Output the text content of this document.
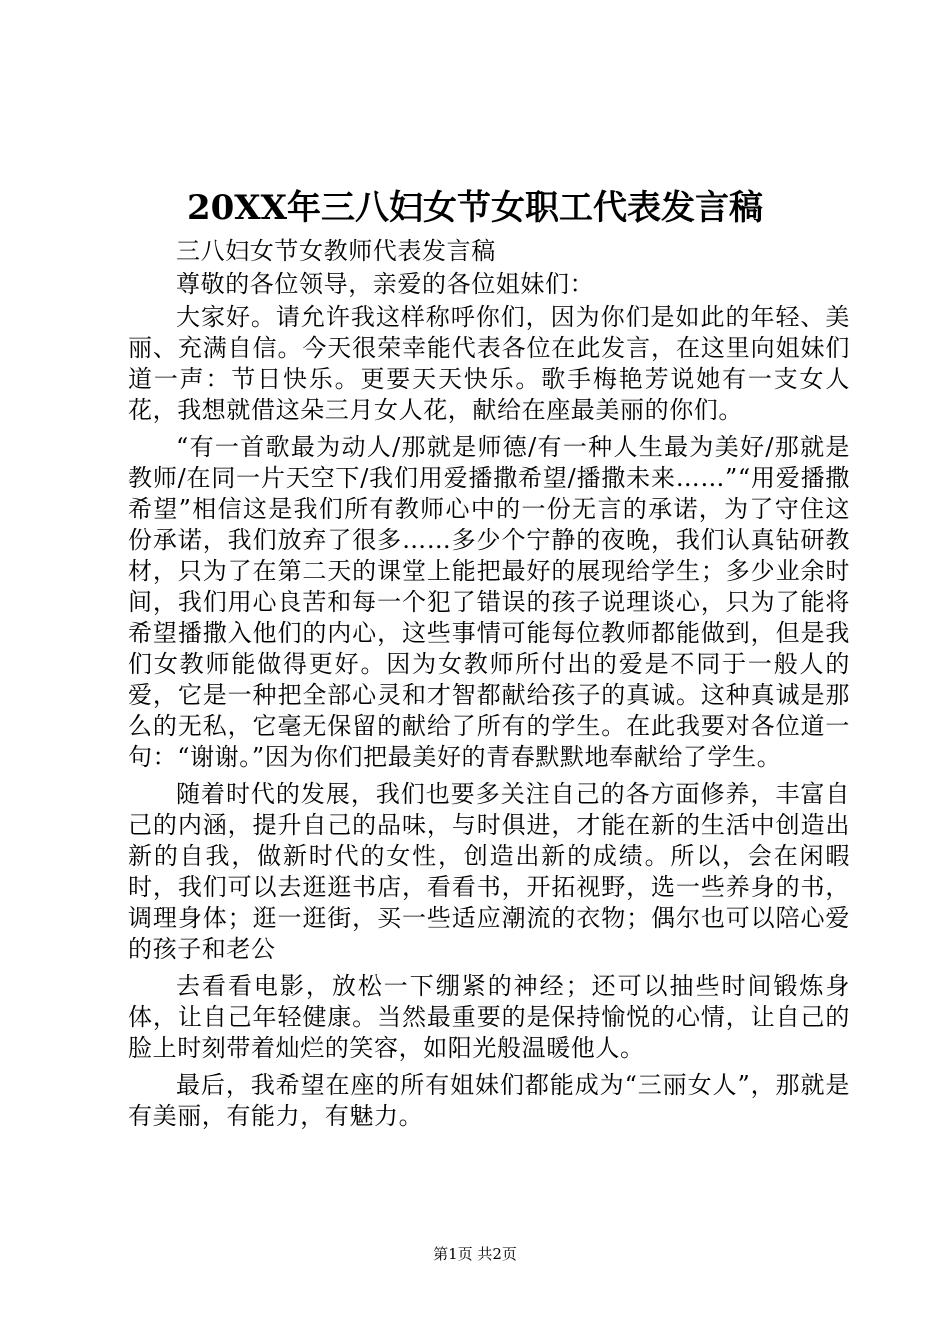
20XX年三八妇女节女职工代表发言稿

三八妇女节女教师代表发言稿

尊敬的各位领导，亲爱的各位姐妹们：

大家好。请允许我这样称呼你们，因为你们是如此的年轻、美丽、充满自信。今天很荣幸能代表各位在此发言，在这里向姐妹们道一声：节日快乐。更要天天快乐。歌手梅艳芳说她有一支女人花，我想就借这朵三月女人花，献给在座最美丽的你们。

“有一首歌最为动人/那就是师德/有一种人生最为美好/那就是教师/在同一片天空下/我们用爱播撒希望/播撒未来……”“用爱播撒希望”相信这是我们所有教师心中的一份无言的承诺，为了守住这份承诺，我们放弃了很多……多少个宁静的夜晚，我们认真钻研教材，只为了在第二天的课堂上能把最好的展现给学生；多少业余时间，我们用心良苦和每一个犯了错误的孩子说理谈心，只为了能将希望播撒入他们的内心，这些事情可能每位教师都能做到，但是我们女教师能做得更好。因为女教师所付出的爱是不同于一般人的爱，它是一种把全部心灵和才智都献给孩子的真诚。这种真诚是那么的无私，它毫无保留的献给了所有的学生。在此我要对各位道一句：“谢谢。”因为你们把最美好的青春默默地奉献给了学生。

随着时代的发展，我们也要多关注自己的各方面修养，丰富自己的内涵，提升自己的品味，与时俱进，才能在新的生活中创造出新的自我，做新时代的女性，创造出新的成绩。所以，会在闲暇时，我们可以去逛逛书店，看看书，开拓视野，选一些养身的书，调理身体；逛一逛街，买一些适应潮流的衣物；偶尔也可以陪心爱的孩子和老公

去看看电影，放松一下绷紧的神经；还可以抽些时间锻炼身体，让自己年轻健康。当然最重要的是保持愉悦的心情，让自己的脸上时刻带着灿烂的笑容，如阳光般温暖他人。

最后，我希望在座的所有姐妹们都能成为“三丽女人”，那就是有美丽，有能力，有魅力。

第1页 共2页
